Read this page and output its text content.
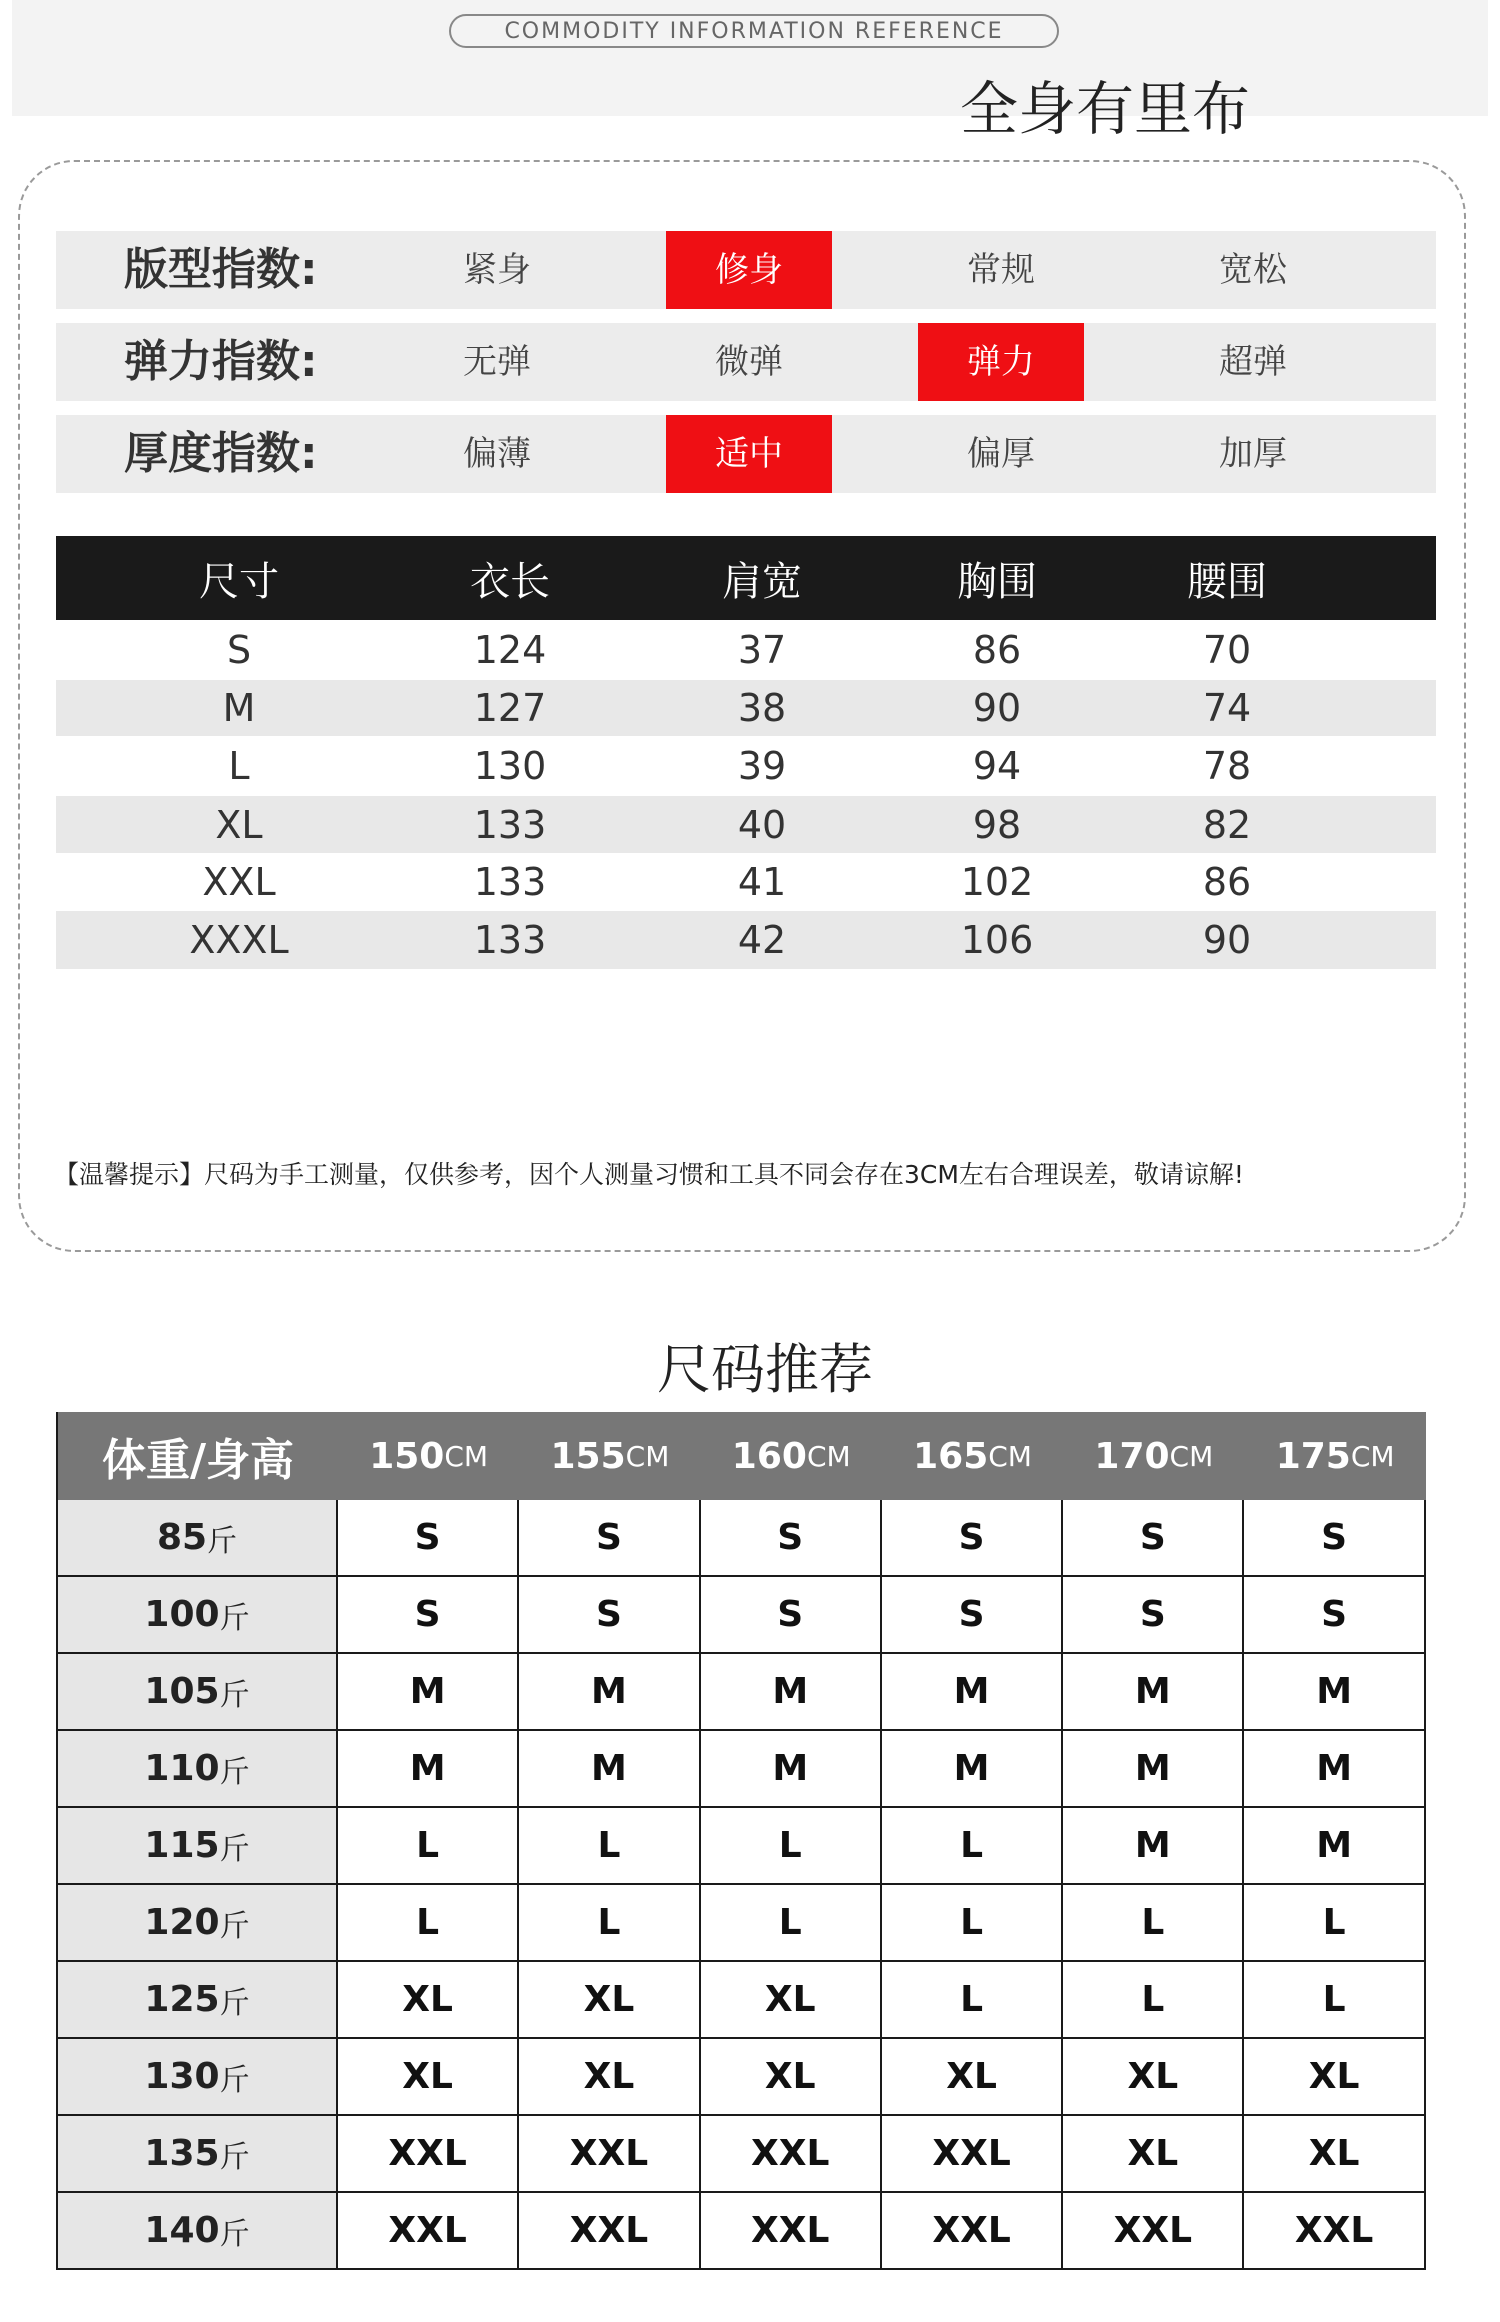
COMMODITY INFORMATION REFERENCE
全身有里布
版型指数:	紧身	修身	常规	宽松
弹力指数:	无弹	微弹	弹力	超弹
厚度指数:	偏薄	适中	偏厚	加厚
尺寸	衣长	肩宽	胸围	腰围
S	124	37	86	70
M	127	38	90	74
L	130	39	94	78
XL	133	40	98	82
XXL	133	41	102	86
XXXL	133	42	106	90
【温馨提示】尺码为手工测量，仅供参考，因个人测量习惯和工具不同会存在3CM左右合理误差，敬请谅解!
尺码推荐
体重/身高	150 CM 155 CM 160 CM 165 CM 170 CM 175 CM
85 斤	S	S	S	S	S	S
100 斤	S	S	S	S	S	S
105 斤	M	M	M	M	M	M
110 斤	M	M	M	M	M	M
115 斤	L	L	L	L	M	M
120 斤	L	L	L	L	L	L
125 斤	XL	XL	XL	L	L	L
130 斤	XL	XL	XL	XL	XL	XL
135 斤	XXL	XXL	XXL	XXL	XL	XL
140 斤	XXL	XXL	XXL	XXL	XXL	XXL
